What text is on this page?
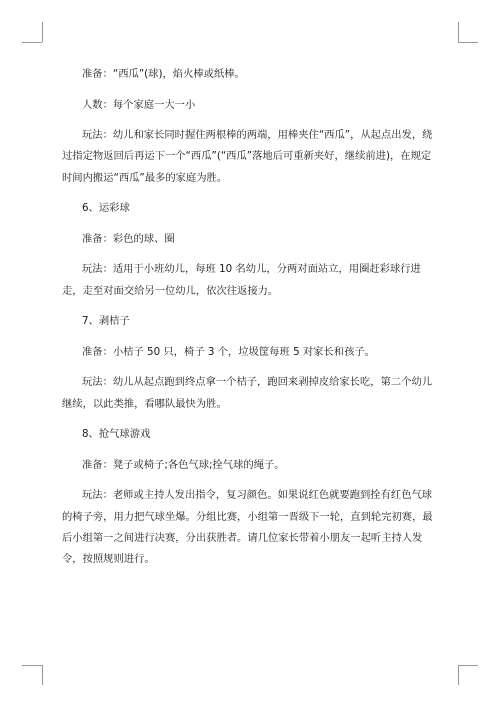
准备：“西瓜”(球)，焰火棒或纸棒。

人数：每个家庭一大一小

玩法：幼儿和家长同时握住两根棒的两端，用棒夹住“西瓜”，从起点出发，绕过指定物返回后再运下一个“西瓜”(“西瓜”落地后可重新夹好，继续前进)，在规定时间内搬运“西瓜”最多的家庭为胜。

6、运彩球

准备：彩色的球、圈

玩法：适用于小班幼儿，每班 10 名幼儿，分两对面站立，用圈赶彩球行进走，走至对面交给另一位幼儿，依次往返接力。

7、剥桔子

准备：小桔子 50 只，椅子 3 个，垃圾筐每班 5 对家长和孩子。

玩法：幼儿从起点跑到终点拿一个桔子，跑回来剥掉皮给家长吃，第二个幼儿继续，以此类推，看哪队最快为胜。

8、抢气球游戏

准备：凳子或椅子;各色气球;拴气球的绳子。

玩法：老师或主持人发出指令，复习颜色。如果说红色就要跑到拴有红色气球的椅子旁，用力把气球坐爆。分组比赛，小组第一晋级下一轮，直到轮完初赛，最后小组第一之间进行决赛，分出获胜者。请几位家长带着小朋友一起听主持人发令，按照规则进行。
